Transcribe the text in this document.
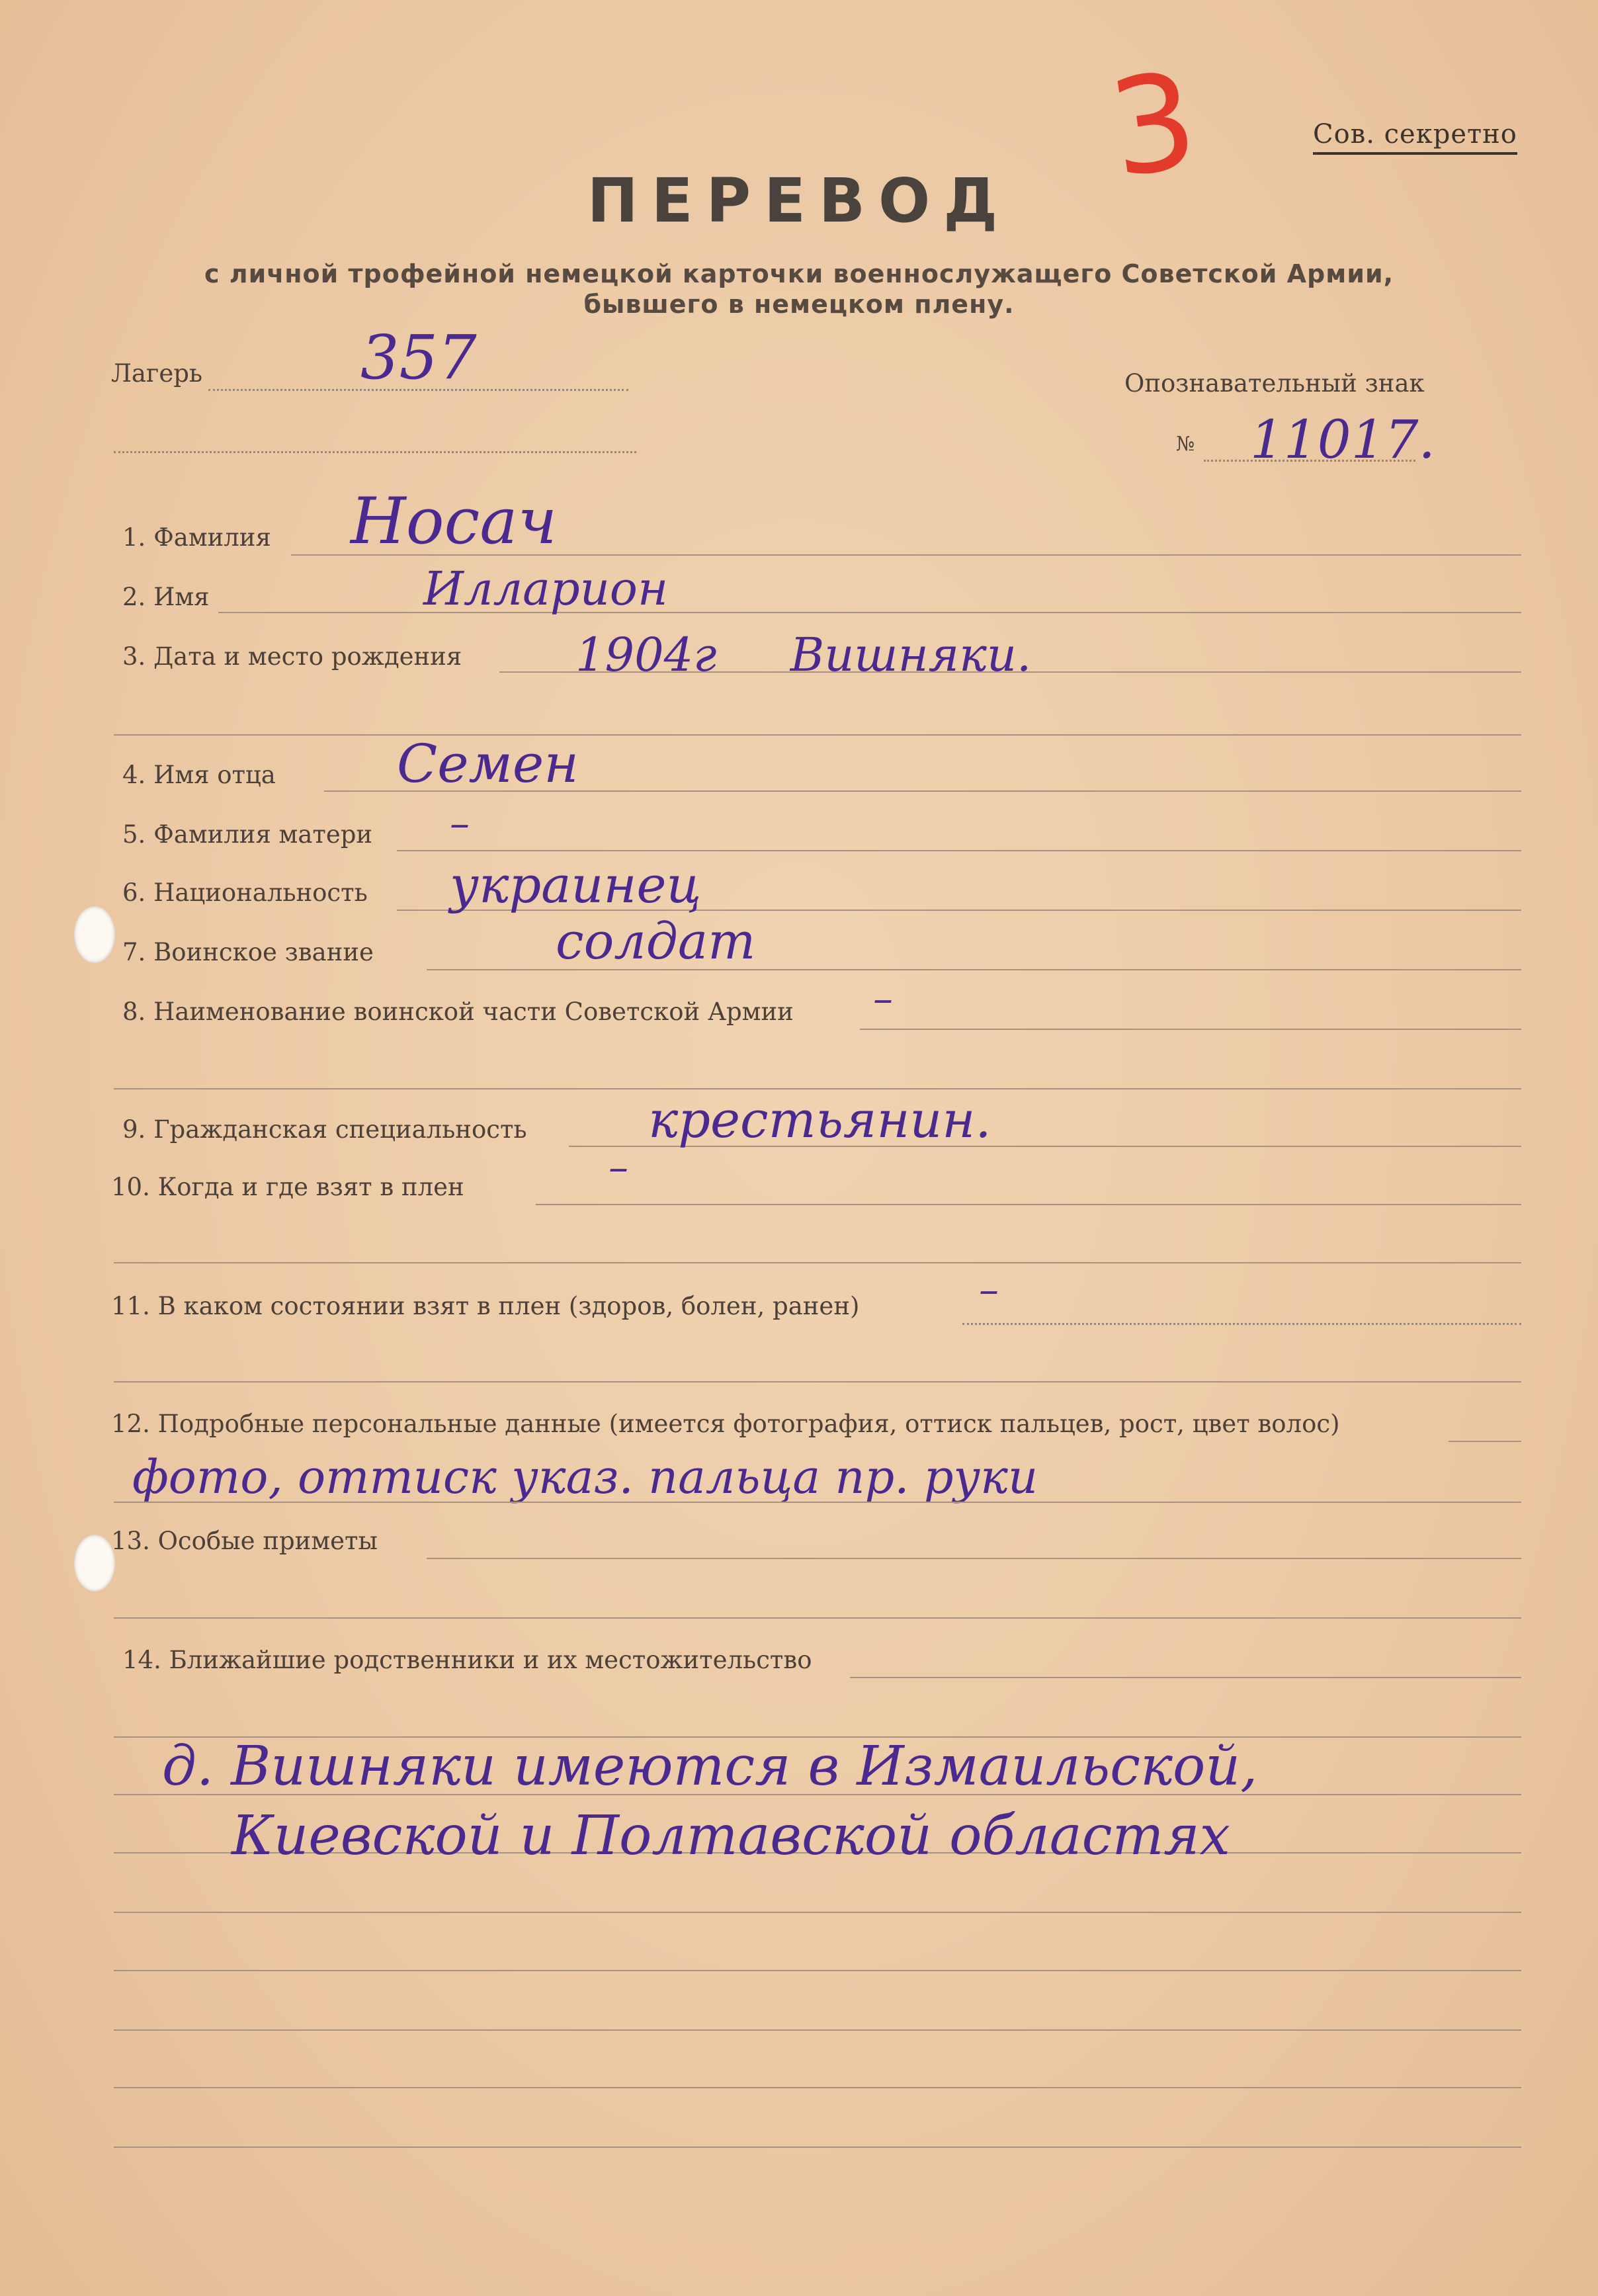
3	Сов. секретно
ПЕРЕВОД
с личной трофейной немецкой карточки военнослужащего Советской Армии,
бывшего в немецком плену.
Лагерь	357	Опознавательный знак
№ 11017.
1. Фамилия Носач
2. Имя	Илларион
3. Дата и место рождения 1904г     Вишняки.
4. Имя отца Семен
5. Фамилия матери –
6. Национальность украинец
7. Воинское звание	солдат
8. Наименование воинской части Советской Армии –
9. Гражданская специальность крестьянин.
10. Когда и где взят в плен	–
11. В каком состоянии взят в плен (здоров, болен, ранен)	–
12. Подробные персональные данные (имеется фотография, оттиск пальцев, рост, цвет волос)
фото, оттиск указ. пальца пр. руки
13. Особые приметы
14. Ближайшие родственники и их местожительство
д. Вишняки имеются в Измаильской,
Киевской и Полтавской областях
